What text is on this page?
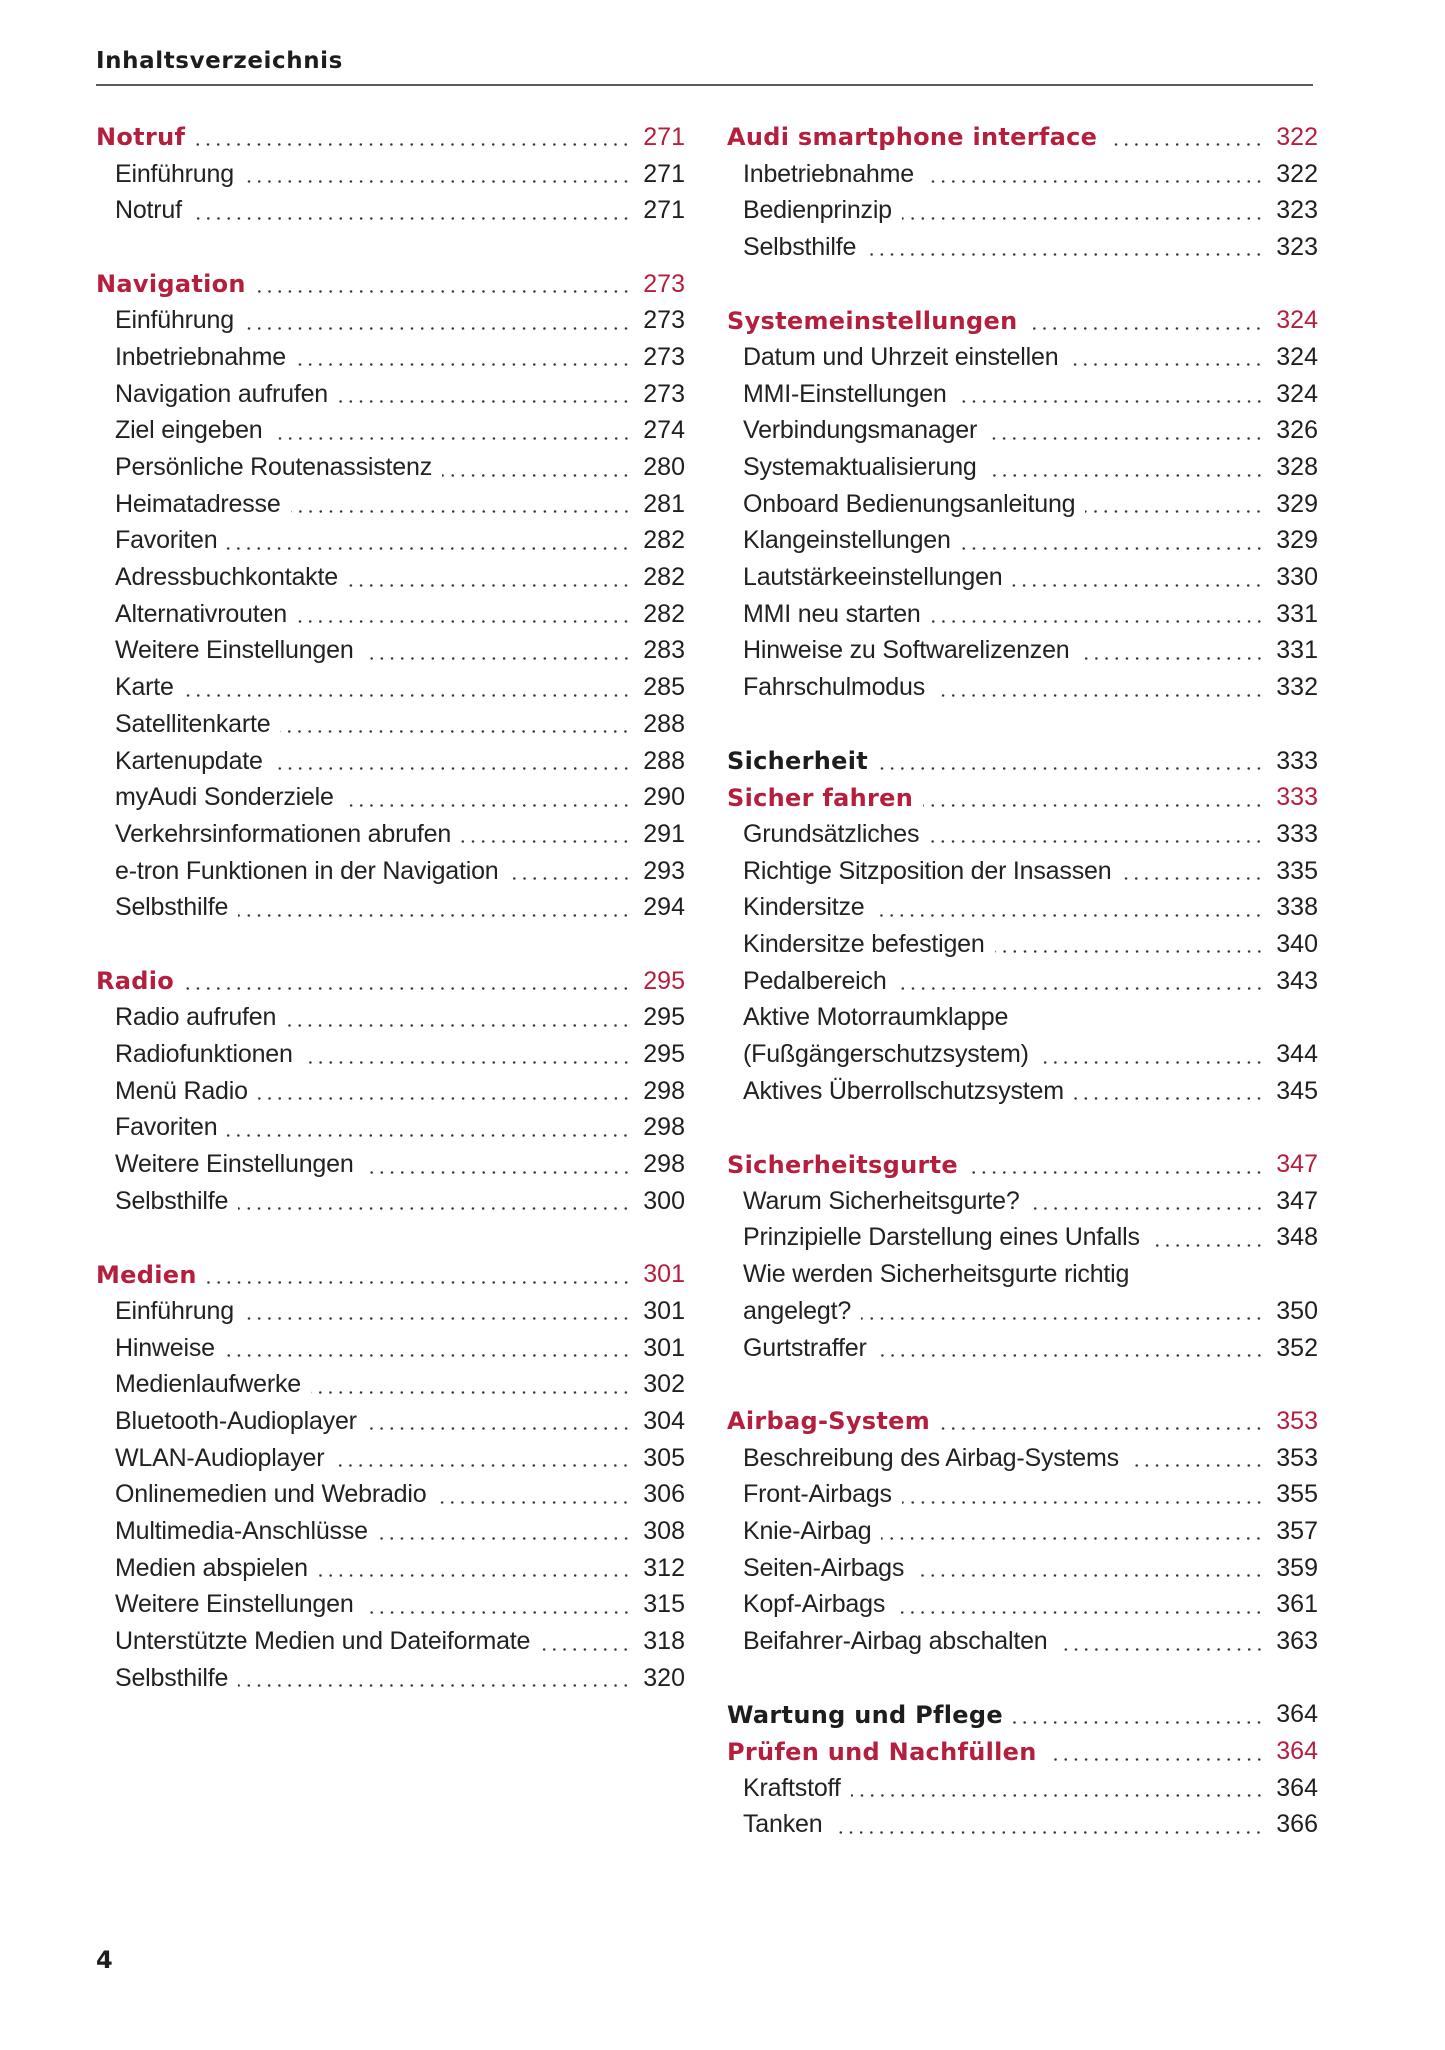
Inhaltsverzeichnis
Notruf	271
Einführung	271
Notruf	271
Navigation	273
Einführung	273
Inbetriebnahme	273
Navigation aufrufen	273
Ziel eingeben	274
Persönliche Routenassistenz	280
Heimatadresse	281
Favoriten	282
Adressbuchkontakte	282
Alternativrouten	282
Weitere Einstellungen	283
Karte	285
Satellitenkarte	288
Kartenupdate	288
myAudi Sonderziele	290
Verkehrsinformationen abrufen	291
e-tron Funktionen in der Navigation	293
Selbsthilfe	294
Radio	295
Radio aufrufen	295
Radiofunktionen	295
Menü Radio	298
Favoriten	298
Weitere Einstellungen	298
Selbsthilfe	300
Medien	301
Einführung	301
Hinweise	301
Medienlaufwerke	302
Bluetooth-Audioplayer	304
WLAN-Audioplayer	305
Onlinemedien und Webradio	306
Multimedia-Anschlüsse	308
Medien abspielen	312
Weitere Einstellungen	315
Unterstützte Medien und Dateiformate	318
Selbsthilfe	320
Audi smartphone interface	322
Inbetriebnahme	322
Bedienprinzip	323
Selbsthilfe	323
Systemeinstellungen	324
Datum und Uhrzeit einstellen	324
MMI-Einstellungen	324
Verbindungsmanager	326
Systemaktualisierung	328
Onboard Bedienungsanleitung	329
Klangeinstellungen	329
Lautstärkeeinstellungen	330
MMI neu starten	331
Hinweise zu Softwarelizenzen	331
Fahrschulmodus	332
Sicherheit	333
Sicher fahren	333
Grundsätzliches	333
Richtige Sitzposition der Insassen	335
Kindersitze	338
Kindersitze befestigen	340
Pedalbereich	343
Aktive Motorraumklappe
(Fußgängerschutzsystem)	344
Aktives Überrollschutzsystem	345
Sicherheitsgurte	347
Warum Sicherheitsgurte?	347
Prinzipielle Darstellung eines Unfalls	348
Wie werden Sicherheitsgurte richtig
angelegt?	350
Gurtstraffer	352
Airbag-System	353
Beschreibung des Airbag-Systems	353
Front-Airbags	355
Knie-Airbag	357
Seiten-Airbags	359
Kopf-Airbags	361
Beifahrer-Airbag abschalten	363
Wartung und Pflege	364
Prüfen und Nachfüllen	364
Kraftstoff	364
Tanken	366
4
